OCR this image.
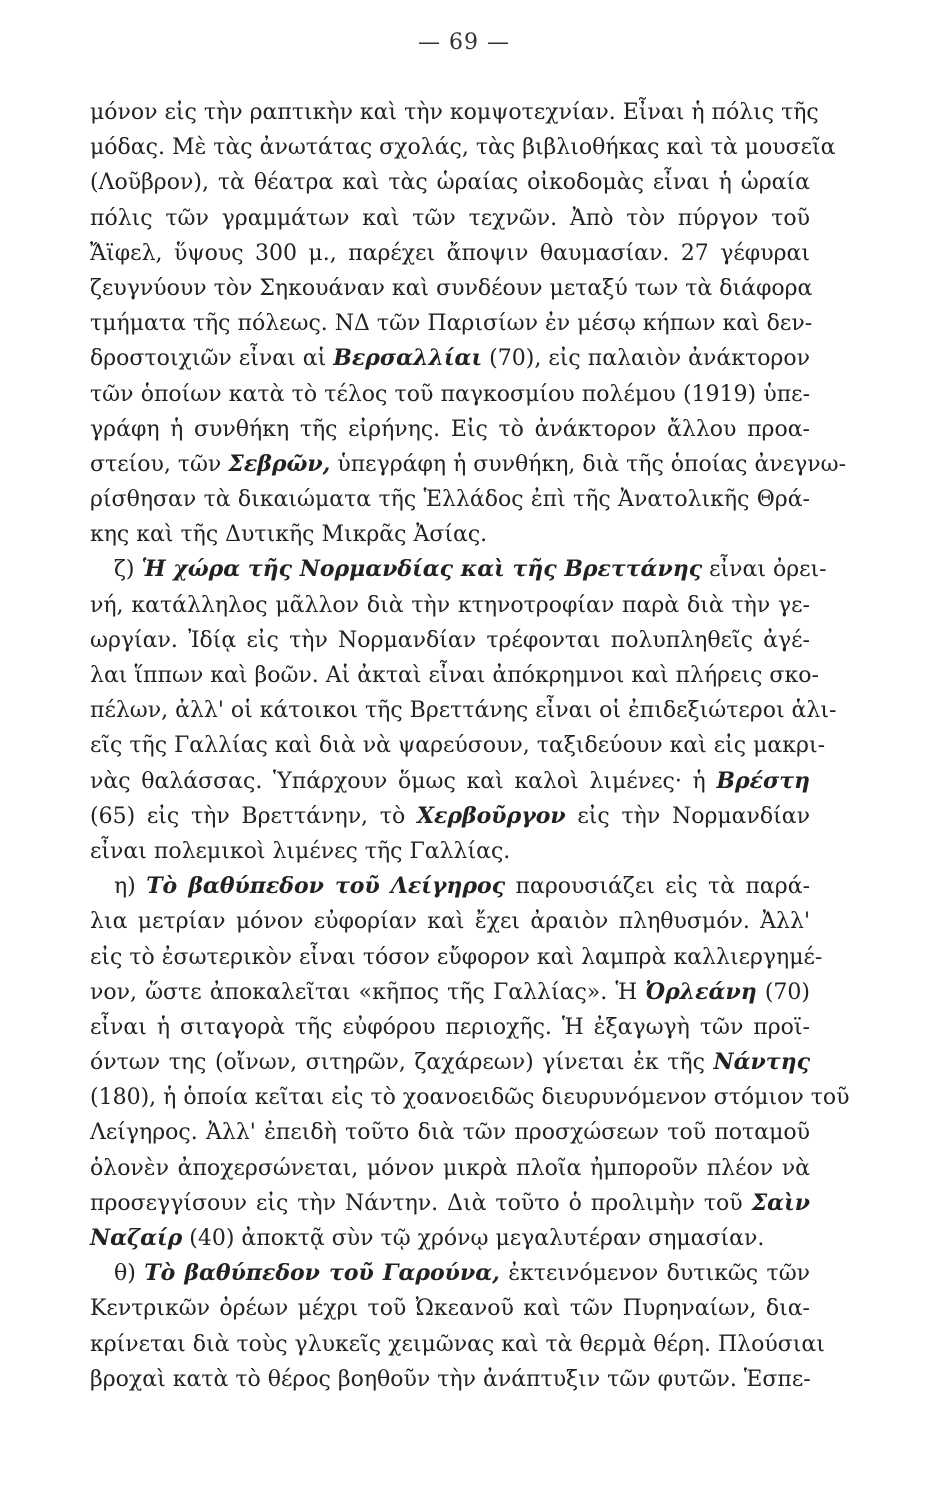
— 69 —
μόνον εἰς τὴν ραπτικὴν καὶ τὴν κομψοτεχνίαν. Εἶναι ἡ πόλις τῆς
μόδας. Μὲ τὰς ἀνωτάτας σχολάς, τὰς βιβλιοθήκας καὶ τὰ μουσεῖα
(Λοῦβρον), τὰ θέατρα καὶ τὰς ὡραίας οἰκοδομὰς εἶναι ἡ ὡραία
πόλις τῶν γραμμάτων καὶ τῶν τεχνῶν. Ἀπὸ τὸν πύργον τοῦ
Ἄϊφελ, ὕψους 300 μ., παρέχει ἄποψιν θαυμασίαν. 27 γέφυραι
ζευγνύουν τὸν Σηκουάναν καὶ συνδέουν μεταξύ των τὰ διάφορα
τμήματα τῆς πόλεως. ΝΔ τῶν Παρισίων ἐν μέσῳ κήπων καὶ δεν-
δροστοιχιῶν εἶναι αἱ Βερσαλλίαι (70), εἰς παλαιὸν ἀνάκτορον
τῶν ὁποίων κατὰ τὸ τέλος τοῦ παγκοσμίου πολέμου (1919) ὑπε-
γράφη ἡ συνθήκη τῆς εἰρήνης. Εἰς τὸ ἀνάκτορον ἄλλου προα-
στείου, τῶν Σεβρῶν, ὑπεγράφη ἡ συνθήκη, διὰ τῆς ὁποίας ἀνεγνω-
ρίσθησαν τὰ δικαιώματα τῆς Ἑλλάδος ἐπὶ τῆς Ἀνατολικῆς Θρά-
κης καὶ τῆς Δυτικῆς Μικρᾶς Ἀσίας.
ζ) Ἡ χώρα τῆς Νορμανδίας καὶ τῆς Βρεττάνης εἶναι ὀρει-
νή, κατάλληλος μᾶλλον διὰ τὴν κτηνοτροφίαν παρὰ διὰ τὴν γε-
ωργίαν. Ἰδίᾳ εἰς τὴν Νορμανδίαν τρέφονται πολυπληθεῖς ἀγέ-
λαι ἵππων καὶ βοῶν. Αἱ ἀκταὶ εἶναι ἀπόκρημνοι καὶ πλήρεις σκο-
πέλων, ἀλλ' οἱ κάτοικοι τῆς Βρεττάνης εἶναι οἱ ἐπιδεξιώτεροι ἁλι-
εῖς τῆς Γαλλίας καὶ διὰ νὰ ψαρεύσουν, ταξιδεύουν καὶ εἰς μακρι-
νὰς θαλάσσας. Ὑπάρχουν ὅμως καὶ καλοὶ λιμένες· ἡ Βρέστη
(65) εἰς τὴν Βρεττάνην, τὸ Χερβοῦργον εἰς τὴν Νορμανδίαν
εἶναι πολεμικοὶ λιμένες τῆς Γαλλίας.
η) Τὸ βαθύπεδον τοῦ Λείγηρος παρουσιάζει εἰς τὰ παρά-
λια μετρίαν μόνον εὐφορίαν καὶ ἔχει ἀραιὸν πληθυσμόν. Ἀλλ'
εἰς τὸ ἐσωτερικὸν εἶναι τόσον εὔφορον καὶ λαμπρὰ καλλιεργημέ-
νον, ὥστε ἀποκαλεῖται «κῆπος τῆς Γαλλίας». Ἡ Ὀρλεάνη (70)
εἶναι ἡ σιταγορὰ τῆς εὐφόρου περιοχῆς. Ἡ ἐξαγωγὴ τῶν προϊ-
όντων της (οἴνων, σιτηρῶν, ζαχάρεων) γίνεται ἐκ τῆς Νάντης
(180), ἡ ὁποία κεῖται εἰς τὸ χοανοειδῶς διευρυνόμενον στόμιον τοῦ
Λείγηρος. Ἀλλ' ἐπειδὴ τοῦτο διὰ τῶν προσχώσεων τοῦ ποταμοῦ
ὁλονὲν ἀποχερσώνεται, μόνον μικρὰ πλοῖα ἠμποροῦν πλέον νὰ
προσεγγίσουν εἰς τὴν Νάντην. Διὰ τοῦτο ὁ προλιμὴν τοῦ Σαὶν
Ναζαίρ (40) ἀποκτᾷ σὺν τῷ χρόνῳ μεγαλυτέραν σημασίαν.
θ) Τὸ βαθύπεδον τοῦ Γαρούνα, ἐκτεινόμενον δυτικῶς τῶν
Κεντρικῶν ὀρέων μέχρι τοῦ Ὠκεανοῦ καὶ τῶν Πυρηναίων, δια-
κρίνεται διὰ τοὺς γλυκεῖς χειμῶνας καὶ τὰ θερμὰ θέρη. Πλούσιαι
βροχαὶ κατὰ τὸ θέρος βοηθοῦν τὴν ἀνάπτυξιν τῶν φυτῶν. Ἑσπε-
